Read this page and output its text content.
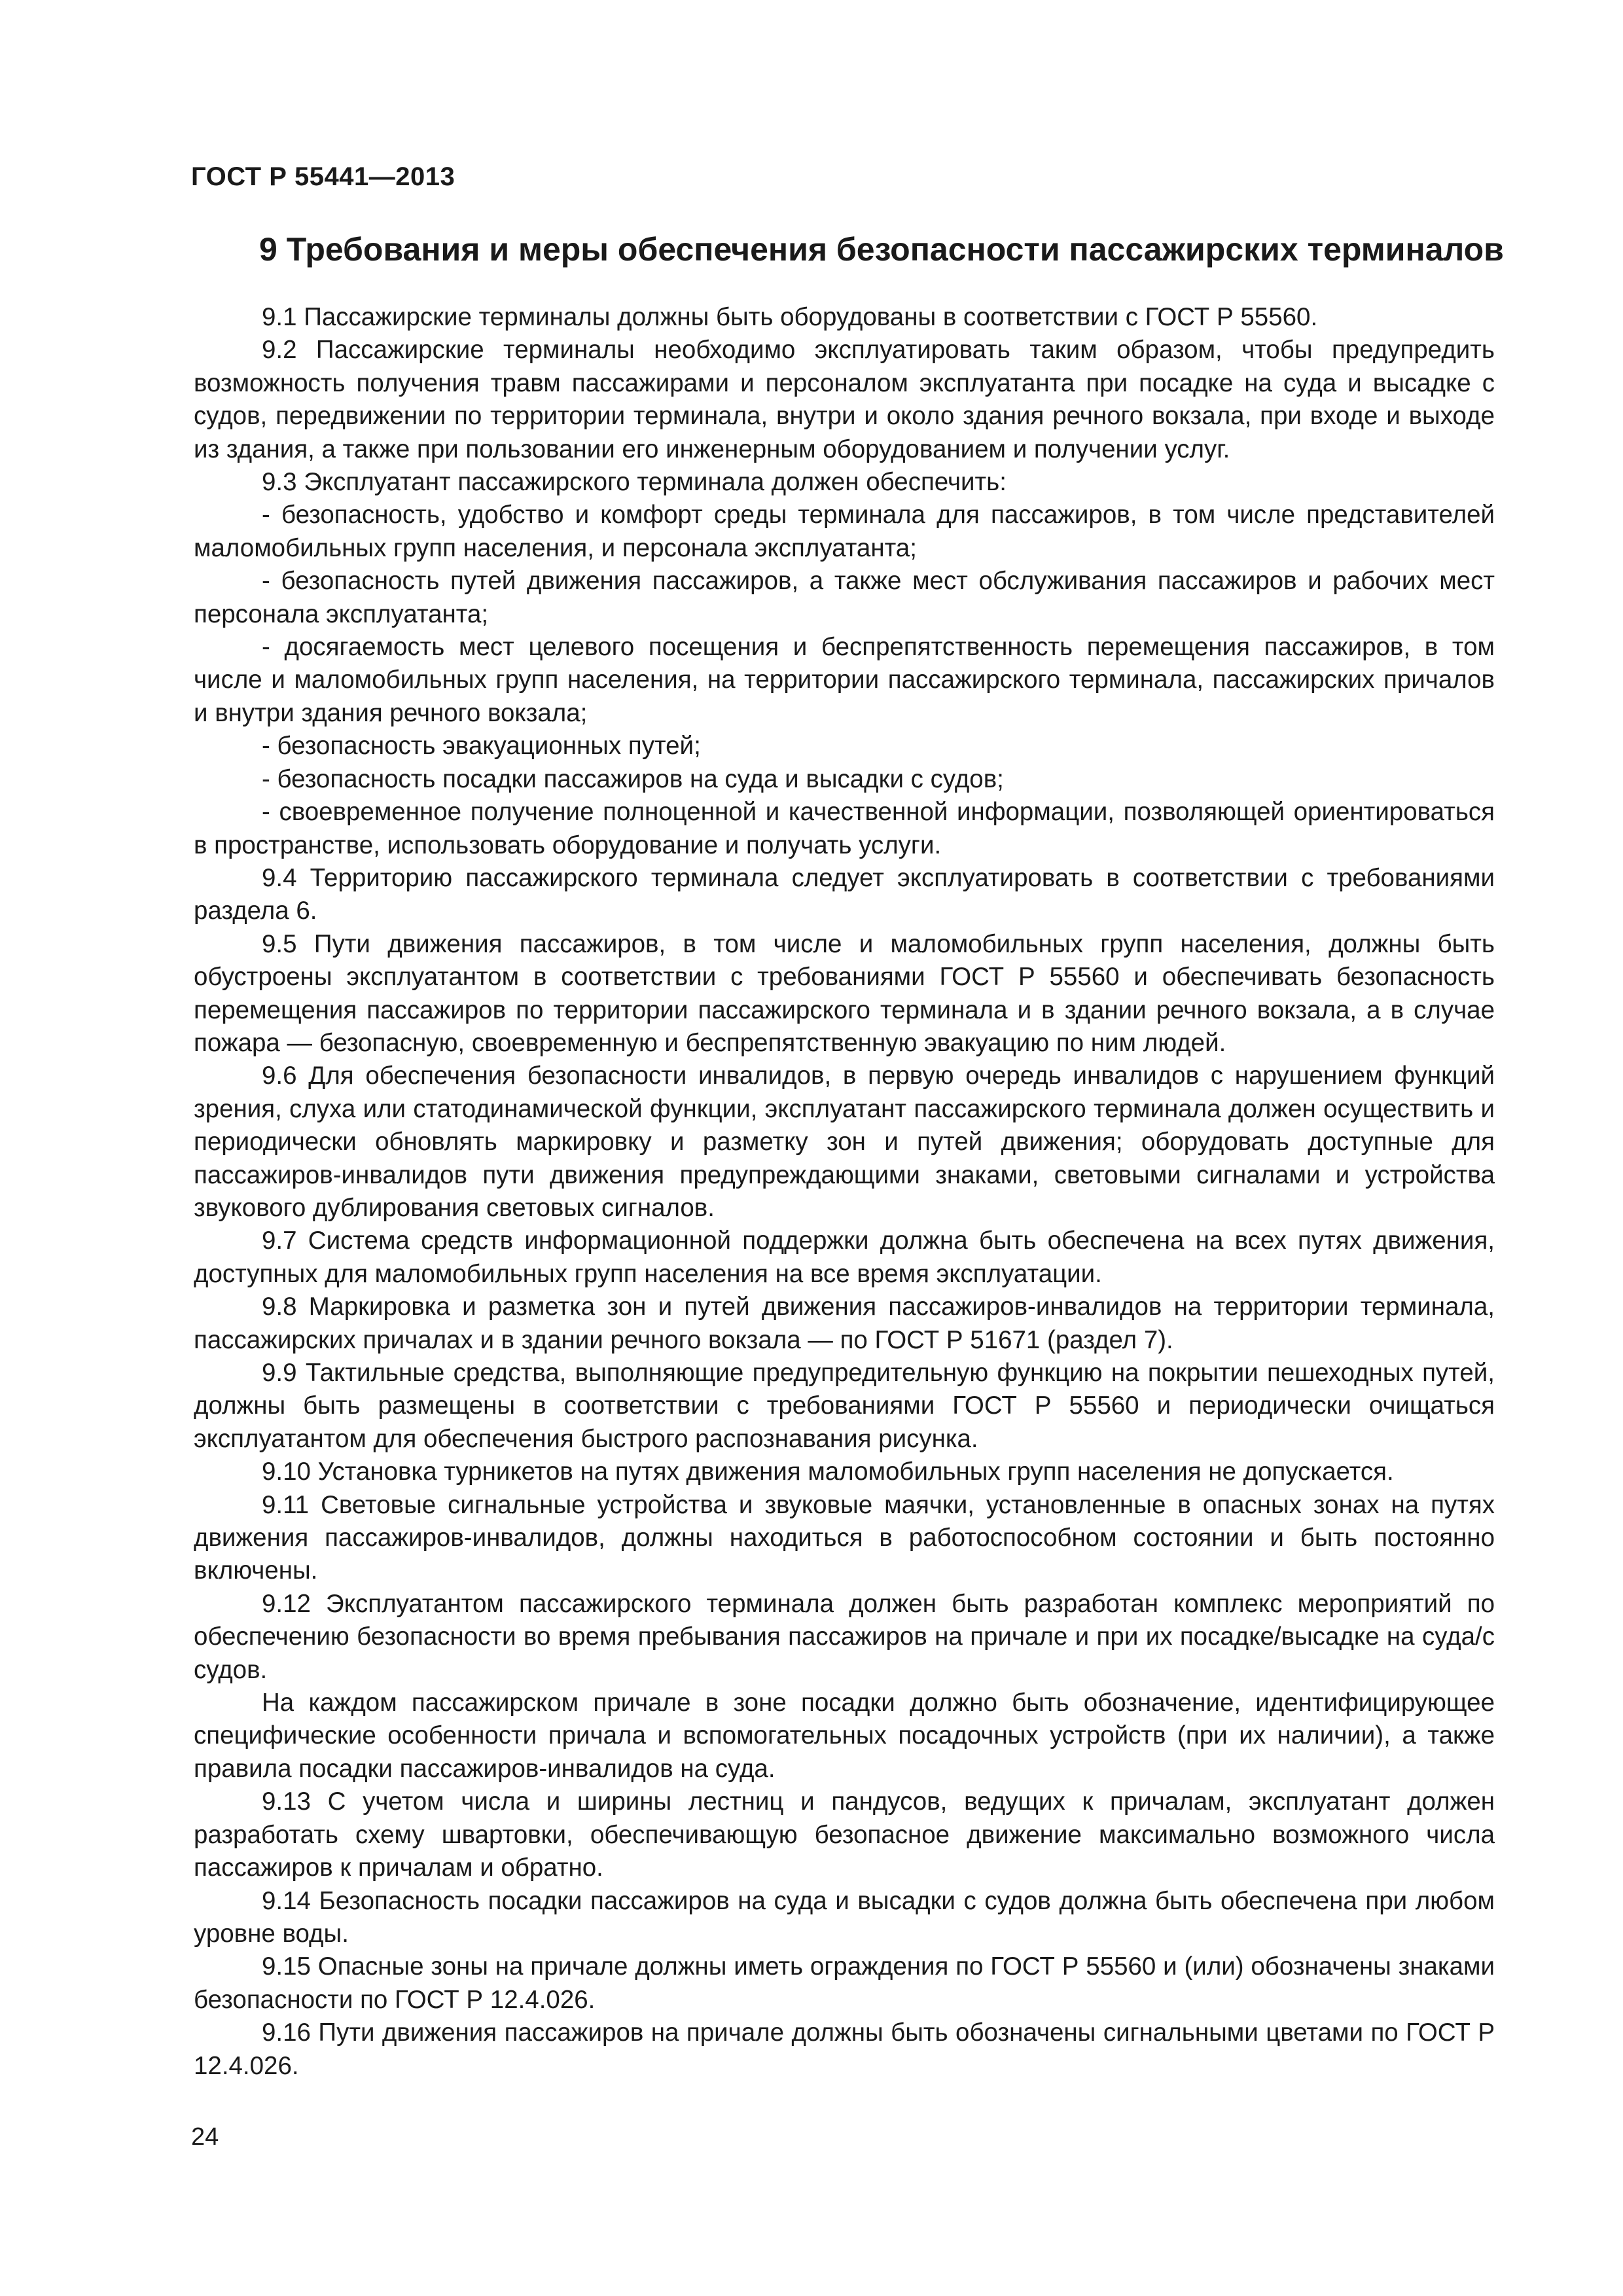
ГОСТ Р 55441—2013
9 Требования и меры обеспечения безопасности пассажирских терминалов

9.1 Пассажирские терминалы должны быть оборудованы в соответствии с ГОСТ Р 55560.

9.2 Пассажирские терминалы необходимо эксплуатировать таким образом, чтобы предупредить возможность получения травм пассажирами и персоналом эксплуатанта при посадке на суда и высадке с судов, передвижении по территории терминала, внутри и около здания речного вокзала, при входе и выходе из здания, а также при пользовании его инженерным оборудованием и получении услуг.

9.3 Эксплуатант пассажирского терминала должен обеспечить:

- безопасность, удобство и комфорт среды терминала для пассажиров, в том числе представителей маломобильных групп населения, и персонала эксплуатанта;

- безопасность путей движения пассажиров, а также мест обслуживания пассажиров и рабочих мест персонала эксплуатанта;

- досягаемость мест целевого посещения и беспрепятственность перемещения пассажиров, в том числе и маломобильных групп населения, на территории пассажирского терминала, пассажирских причалов и внутри здания речного вокзала;

- безопасность эвакуационных путей;

- безопасность посадки пассажиров на суда и высадки с судов;

- своевременное получение полноценной и качественной информации, позволяющей ориентироваться в пространстве, использовать оборудование и получать услуги.

9.4 Территорию пассажирского терминала следует эксплуатировать в соответствии с требованиями раздела 6.

9.5 Пути движения пассажиров, в том числе и маломобильных групп населения, должны быть обустроены эксплуатантом в соответствии с требованиями ГОСТ Р 55560 и обеспечивать безопасность перемещения пассажиров по территории пассажирского терминала и в здании речного вокзала, а в случае пожара — безопасную, своевременную и беспрепятственную эвакуацию по ним людей.

9.6 Для обеспечения безопасности инвалидов, в первую очередь инвалидов с нарушением функций зрения, слуха или статодинамической функции, эксплуатант пассажирского терминала должен осуществить и периодически обновлять маркировку и разметку зон и путей движения; оборудовать доступные для пассажиров-инвалидов пути движения предупреждающими знаками, световыми сигналами и устройства звукового дублирования световых сигналов.

9.7 Система средств информационной поддержки должна быть обеспечена на всех путях движения, доступных для маломобильных групп населения на все время эксплуатации.

9.8 Маркировка и разметка зон и путей движения пассажиров-инвалидов на территории терминала, пассажирских причалах и в здании речного вокзала — по ГОСТ Р 51671 (раздел 7).

9.9 Тактильные средства, выполняющие предупредительную функцию на покрытии пешеходных путей, должны быть размещены в соответствии с требованиями ГОСТ Р 55560 и периодически очищаться эксплуатантом для обеспечения быстрого распознавания рисунка.

9.10 Установка турникетов на путях движения маломобильных групп населения не допускается.

9.11 Световые сигнальные устройства и звуковые маячки, установленные в опасных зонах на путях движения пассажиров-инвалидов, должны находиться в работоспособном состоянии и быть постоянно включены.

9.12 Эксплуатантом пассажирского терминала должен быть разработан комплекс мероприятий по обеспечению безопасности во время пребывания пассажиров на причале и при их посадке/высадке на суда/с судов.

На каждом пассажирском причале в зоне посадки должно быть обозначение, идентифицирующее специфические особенности причала и вспомогательных посадочных устройств (при их наличии), а также правила посадки пассажиров-инвалидов на суда.

9.13 С учетом числа и ширины лестниц и пандусов, ведущих к причалам, эксплуатант должен разработать схему швартовки, обеспечивающую безопасное движение максимально возможного числа пассажиров к причалам и обратно.

9.14 Безопасность посадки пассажиров на суда и высадки с судов должна быть обеспечена при любом уровне воды.

9.15 Опасные зоны на причале должны иметь ограждения по ГОСТ Р 55560 и (или) обозначены знаками безопасности по ГОСТ Р 12.4.026.

9.16 Пути движения пассажиров на причале должны быть обозначены сигнальными цветами по ГОСТ Р 12.4.026.

24
